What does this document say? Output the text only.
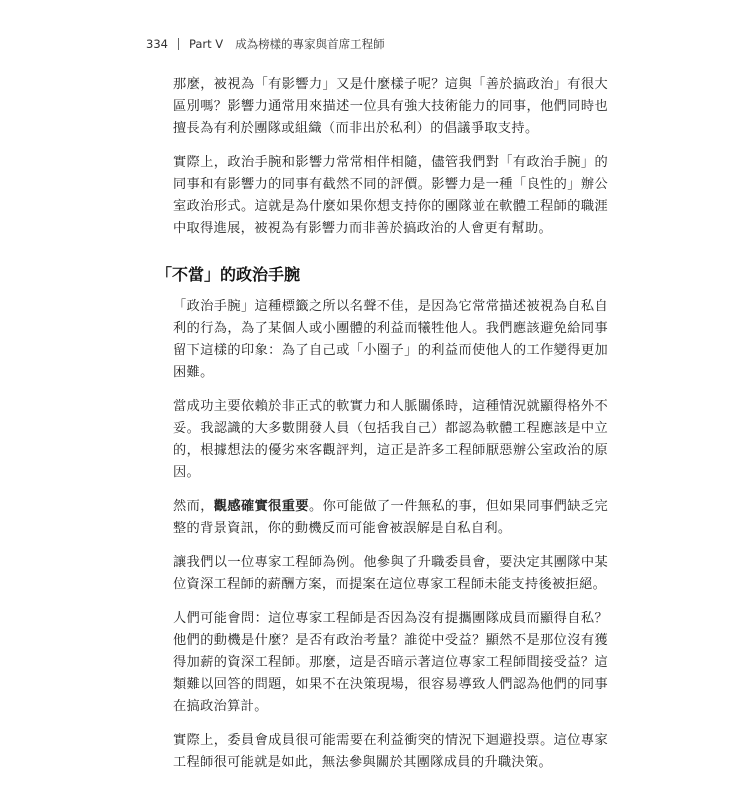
334 Part V 成為榜樣的專家與首席工程師

那麼，被視為「有影響力」又是什麼樣子呢？這與「善於搞政治」有很大區別嗎？影響力通常用來描述一位具有強大技術能力的同事，他們同時也擅長為有利於團隊或組織（而非出於私利）的倡議爭取支持。

實際上，政治手腕和影響力常常相伴相隨，儘管我們對「有政治手腕」的同事和有影響力的同事有截然不同的評價。影響力是一種「良性的」辦公室政治形式。這就是為什麼如果你想支持你的團隊並在軟體工程師的職涯中取得進展，被視為有影響力而非善於搞政治的人會更有幫助。

「不當」的政治手腕

「政治手腕」這種標籤之所以名聲不佳，是因為它常常描述被視為自私自利的行為，為了某個人或小團體的利益而犧牲他人。我們應該避免給同事留下這樣的印象：為了自己或「小圈子」的利益而使他人的工作變得更加困難。

當成功主要依賴於非正式的軟實力和人脈關係時，這種情況就顯得格外不妥。我認識的大多數開發人員（包括我自己）都認為軟體工程應該是中立的，根據想法的優劣來客觀評判，這正是許多工程師厭惡辦公室政治的原因。

然而，觀感確實很重要。你可能做了一件無私的事，但如果同事們缺乏完整的背景資訊，你的動機反而可能會被誤解是自私自利。

讓我們以一位專家工程師為例。他參與了升職委員會，要決定其團隊中某位資深工程師的薪酬方案，而提案在這位專家工程師未能支持後被拒絕。

人們可能會問：這位專家工程師是否因為沒有提攜團隊成員而顯得自私？他們的動機是什麼？是否有政治考量？誰從中受益？顯然不是那位沒有獲得加薪的資深工程師。那麼，這是否暗示著這位專家工程師間接受益？這類難以回答的問題，如果不在決策現場，很容易導致人們認為他們的同事在搞政治算計。

實際上，委員會成員很可能需要在利益衝突的情況下迴避投票。這位專家工程師很可能就是如此，無法參與關於其團隊成員的升職決策。
